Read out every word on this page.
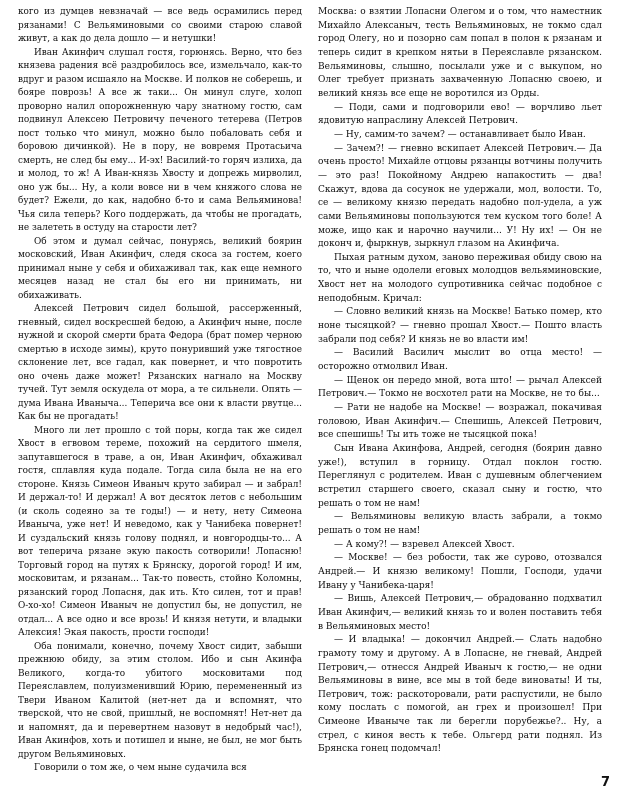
кого из думцев невзначай — все ведь осрамились перед рязанами! С Вельяминовыми со своими старою славой живут, а как до дела дошло — и нетушки!

Иван Акинфич слушал гостя, горюнясь. Верно, что без князева радения всё раздробилось все, измельчало, как-то вдруг и разом исшаяло на Москве. И полков не соберешь, и бояре поврозь! А все ж таки... Он минул слуге, холоп проворно налил опорожненную чару знатному гостю, сам подвинул Алексею Петровичу печеного тетерева (Петров пост только что минул, можно было побаловать себя и боровою дичинкой). Не в пору, не вовремя Протасьича смерть, не след бы ему... И-эх! Василий-то горяч излиха, да и молод, то ж! А Иван-князь Хвосту и допрежь мирволил, оно уж бы... Ну, а коли вовсе ни в чем княжого слова не будет? Ежели, до как, надобно б-то и сама Вельяминова! Чья сила теперь? Кого поддержать, да чтобы не прогадать, не залететь в остуду на старости лет?

Об этом и думал сейчас, понурясь, великий боярин московский, Иван Акинфич, следя скоса за гостем, коего принимал ныне у себя и обихаживал так, как еще немного месяцев назад не стал бы его ни принимать, ни обихаживать.

Алексей Петрович сидел большой, рассерженный, гневный, сидел воскресшей бедою, а Акинфич ныне, после нужной и скорой смерти брата Федора (брат помер черною смертью в исходе зимы), круто понуривший уже тягостное склонение лет, все гадал, как повернет, и что повротить оно очень даже может! Рязанских нагнало на Москву тучей. Тут земля оскудела от мора, а те сильнели. Опять — дума Ивана Иваныча... Теперича все они к власти рвутце... Как бы не прогадать!

Много ли лет прошло с той поры, когда так же сидел Хвост в егвовом тереме, похожий на сердитого шмеля, запутавшегося в траве, а он, Иван Акинфич, обхаживал гостя, сплавляя куда подале. Тогда сила была не на его стороне. Князь Симеон Иваныч круто забирал — и забрал! И держал-то! И держал! А вот десяток летов с небольшим (и сколь содеяно за те годы!) — и нету, нету Симеона Иваныча, уже нет! И неведомо, как у Чанибека повернет! И суздальский князь голову поднял, и новгородцы-то... А вот теперича рязане экую пакость сотворили! Лопасню! Торговый город на путях к Брянску, дорогой город! И им, московитам, и рязанам... Так-то повесть, стойно Коломны, рязанский город Лопасня, дак ить. Кто силен, тот и прав! О-хо-хо! Симеон Иваныч не допустил бы, не допустил, не отдал... А все одно и все врозь! И князя нетути, и владыки Алексия! Экая пакость, прости господи!

Оба понимали, конечно, почему Хвост сидит, забыши прежнюю обиду, за этим столом. Ибо и сын Акинфа Великого, когда-то убитого московитами под Переяславлем, полуизменивший Юрию, перемененный из Твери Иваном Калитой (нет-нет да и вспомнят, что тверской, что не свой, пришлый, не воспомнят! Нет-нет да и напомнят, да и перевертнем назовут в недобрый час!), Иван Акинфов, хоть и потишел и ныне, не был, не мог быть другом Вельяминовых.

Говорили о том же, о чем ныне судачила вся

Москва: о взятии Лопасни Олегом и о том, что наместник Михайло Алексаныч, тесть Вельяминовых, не токмо сдал город Олегу, но и позорно сам попал в полон к рязанам и теперь сидит в крепком нятьи в Переяславле рязанском. Вельяминовы, слышно, посылали уже и с выкупом, но Олег требует признать захваченную Лопасню своею, и великий князь все еще не воротился из Орды.

— Поди, сами и подговорили ево! — ворчливо льет ядовитую напраслину Алексей Петрович.

— Ну, самим-то зачем? — останавливает было Иван.

— Зачем?! — гневно вскипает Алексей Петрович.— Да очень просто! Михайле отцовы рязанцы вотчины получить — это раз! Покойному Андрею напакостить — два! Скажут, вдова да сосунок не удержали, мол, волости. То, се — великому князю передать надобно пол-удела, а уж сами Вельяминовы попользуются тем куском того боле! А може, ищо как и нарочно научили... У! Ну их! — Он не доконч и, фыркнув, зыркнул глазом на Акинфича.

Пыхая ратным духом, заново переживая обиду свою на то, что и ныне одолели еговых молодцов вельяминовские, Хвост нет на молодого супротивника сейчас подобное с неподобным. Кричал:

— Словно великий князь на Москве! Батько помер, кто ноне тысяцкой? — гневно прошал Хвост.— Пошто власть забрали под себя? И князь не во власти им!

— Василий Василич мыслит во отца место! — осторожно отмолвил Иван.

— Щенок он передо мной, вота што! — рычал Алексей Петрович.— Токмо не восхотел рати на Москве, не то бы...

— Рати не надобе на Москве! — возражал, покачивая головою, Иван Акинфич.— Спешишь, Алексей Петрович, все спешишь! Ты ить тоже не тысяцкой пока!

Сын Ивана Акинфова, Андрей, сегодня (боярин давно уже!), вступил в горницу. Отдал поклон гостю. Переглянул с родителем. Иван с душевным облегчением встретил старшего своего, сказал сыну и гостю, что решать о том не нам!

— Вельяминовы великую власть забрали, а токмо решать о том не нам!

— А кому?! — взревел Алексей Хвост.

— Москве! — без робости, так же сурово, отозвался Андрей.— И князю великому! Пошли, Господи, удачи Ивану у Чанибека-царя!

— Вишь, Алексей Петрович,— обрадованно подхватил Иван Акинфич,— великий князь то и волен поставить тебя в Вельяминовых место!

— И владыка! — докончил Андрей.— Слать надобно грамоту тому и другому. А в Лопасне, не гневай, Андрей Петрович,— отнесся Андрей Иваныч к гостю,— не одни Вельяминовы в вине, все мы в той беде виноваты! И ты, Петрович, тож: раскоторовали, рати распустили, не было кому послать с помогой, ан грех и произошел! При Симеоне Иваныче так ли берегли порубежье?.. Ну, а стрел, с киноя весть к тебе. Ольгерд рати поднял. Из Брянска гонец подомчал!

7
